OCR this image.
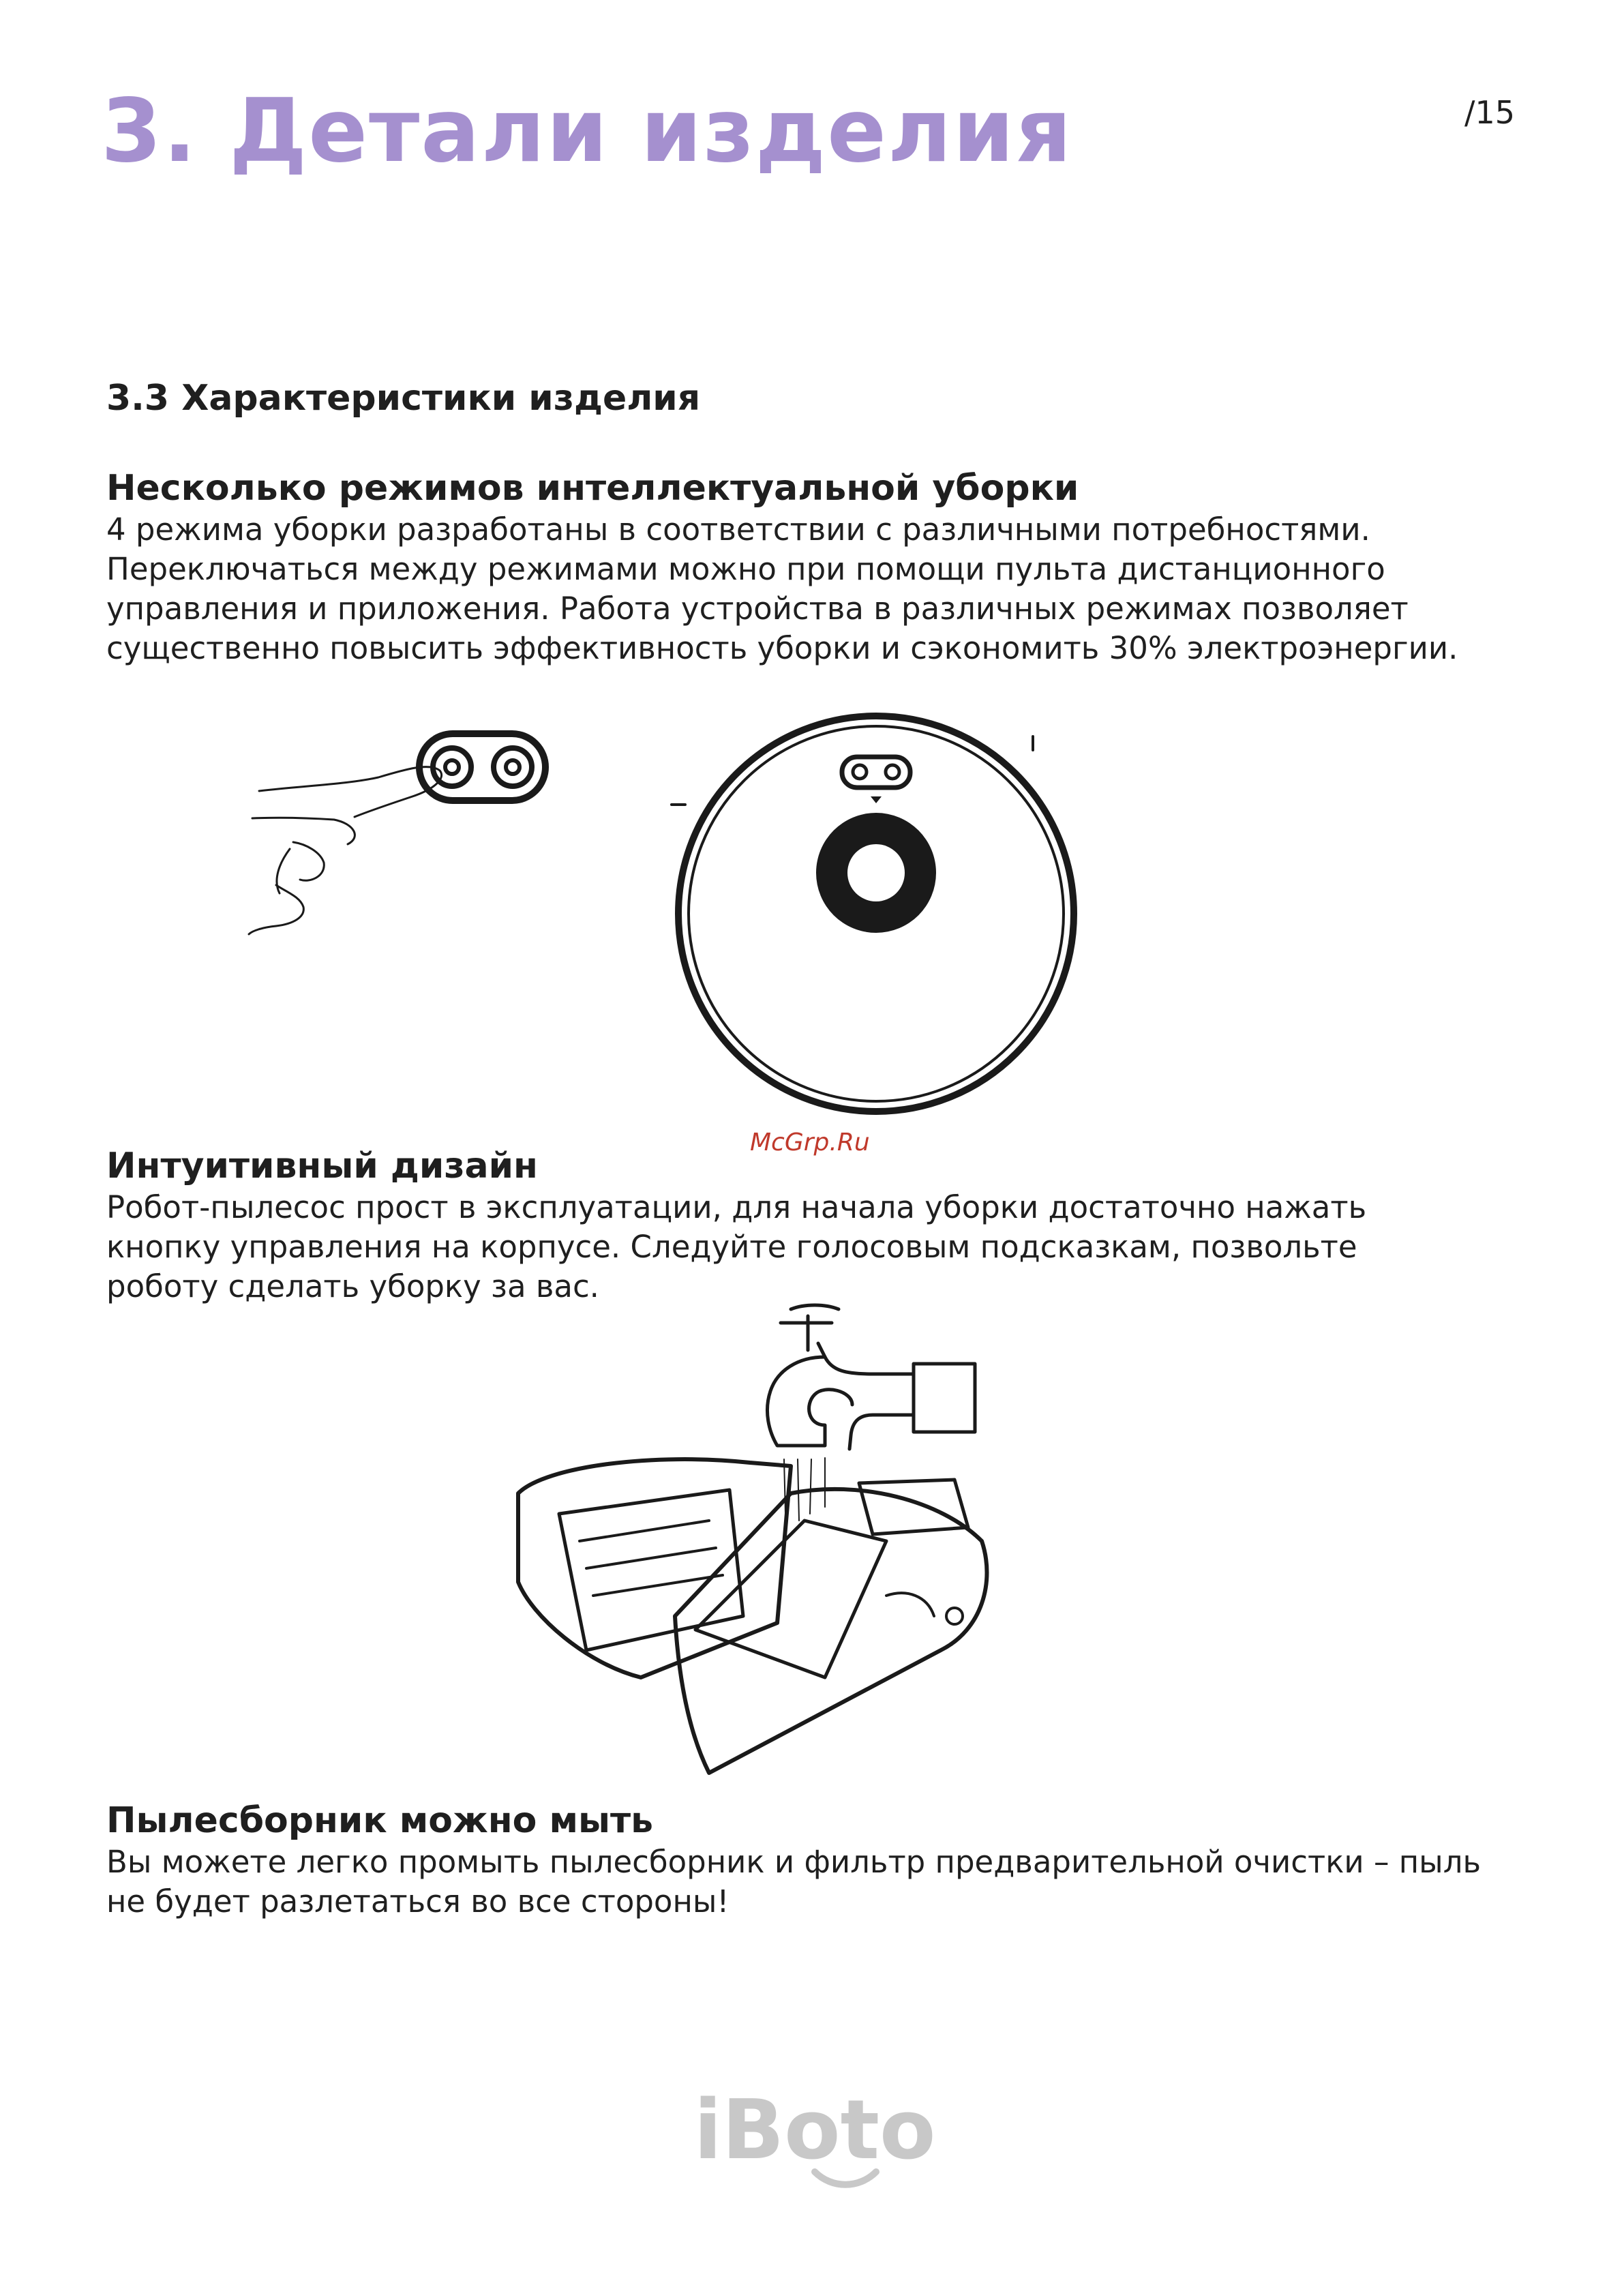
3. Детали изделия	/15
3.3 Характеристики изделия
Несколько режимов интеллектуальной уборки

4 режима уборки разработаны в соответствии с различными потребностями.
Переключаться между режимами можно при помощи пульта дистанционного
управления и приложения. Работа устройства в различных режимах позволяет
существенно повысить эффективность уборки и сэкономить 30% электроэнергии.

McGrp.Ru
Интуитивный дизайн

Робот-пылесос прост в эксплуатации, для начала уборки достаточно нажать
кнопку управления на корпусе. Следуйте голосовым подсказкам, позвольте
роботу сделать уборку за вас.

Пылесборник можно мыть

Вы можете легко промыть пылесборник и фильтр предварительной очистки – пыль
не будет разлетаться во все стороны!

iBoto
